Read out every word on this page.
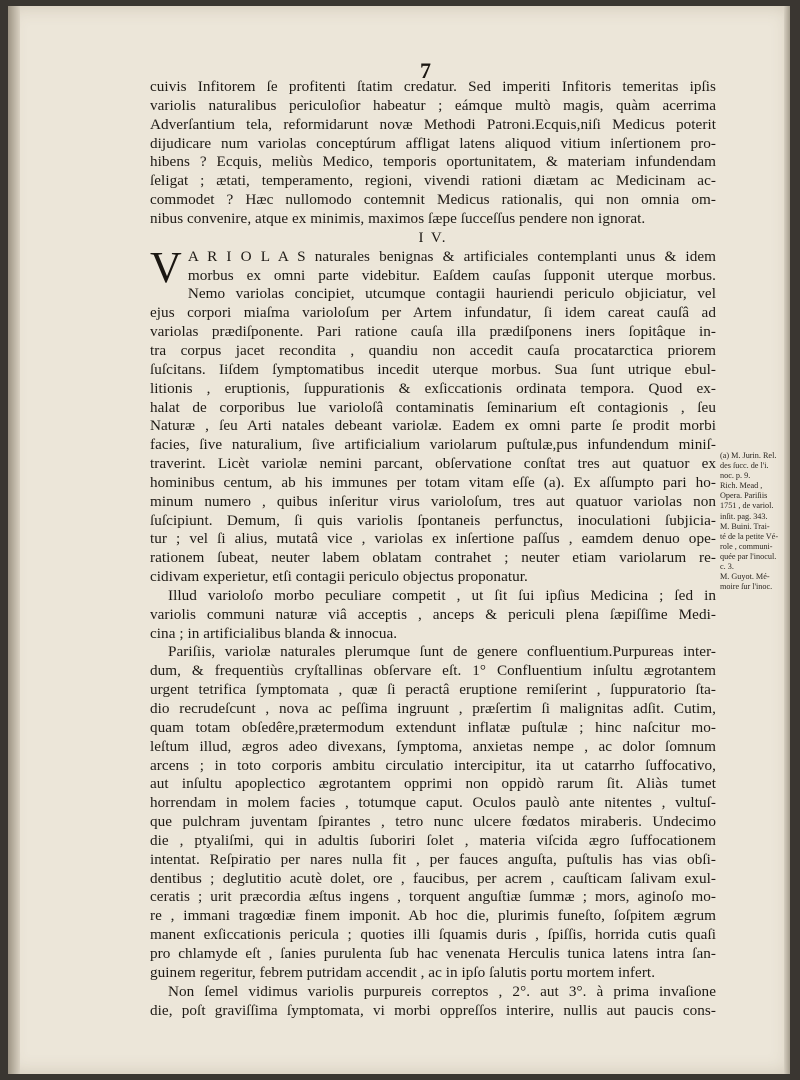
7

cuivis Infitorem ſe profitenti ſtatim credatur. Sed imperiti Infitoris temeritas ipſis
variolis naturalibus periculoſior habeatur ; eámque multò magis, quàm acerrima
Adverſantium tela, reformidarunt novæ Methodi Patroni.Ecquis,niſi Medicus poterit
dijudicare num variolas conceptúrum affligat latens aliquod vitium inſertionem pro-
hibens ? Ecquis, meliùs Medico, temporis oportunitatem, & materiam infundendam
ſeligat ; ætati, temperamento, regioni, vivendi rationi diætam ac Medicinam ac-
commodet ? Hæc nullomodo contemnit Medicus rationalis, qui non omnia om-
nibus convenire, atque ex minimis, maximos ſæpe ſucceſſus pendere non ignorat.

I V.

V A R I O L A S naturales benignas & artificiales contemplanti unus & idem
morbus ex omni parte videbitur. Eaſdem cauſas ſupponit uterque morbus.
Nemo variolas concipiet, utcumque contagii hauriendi periculo objiciatur, vel
ejus corpori miaſma varioloſum per Artem infundatur, ſi idem careat cauſâ ad
variolas prædiſponente. Pari ratione cauſa illa prædiſponens iners ſopitâque in-
tra corpus jacet recondita , quandiu non accedit cauſa procatarctica priorem
ſuſcitans. Iiſdem ſymptomatibus incedit uterque morbus. Sua ſunt utrique ebul-
litionis , eruptionis, ſuppurationis & exſiccationis ordinata tempora. Quod ex-
halat de corporibus lue varioloſâ contaminatis ſeminarium eſt contagionis , ſeu
Naturæ , ſeu Arti natales debeant variolæ. Eadem ex omni parte ſe prodit morbi
facies, ſive naturalium, ſive artificialium variolarum puſtulæ,pus infundendum miniſ-
traverint. Licèt variolæ nemini parcant, obſervatione conſtat tres aut quatuor ex
hominibus centum, ab his immunes per totam vitam eſſe (a). Ex aſſumpto pari ho-
minum numero , quibus inſeritur virus varioloſum, tres aut quatuor variolas non
ſuſcipiunt. Demum, ſi quis variolis ſpontaneis perfunctus, inoculationi ſubjicia-
tur ; vel ſi alius, mutatâ vice , variolas ex inſertione paſſus , eamdem denuo ope-
rationem ſubeat, neuter labem oblatam contrahet ; neuter etiam variolarum re-
cidivam experietur, etſi contagii periculo objectus proponatur.

Illud varioloſo morbo peculiare competit , ut ſit ſui ipſius Medicina ; ſed in
variolis communi naturæ viâ acceptis , anceps & periculi plena ſæpiſſime Medi-
cina ; in artificialibus blanda & innocua.

Pariſiis, variolæ naturales plerumque ſunt de genere confluentium.Purpureas inter-
dum, & frequentiùs cryſtallinas obſervare eſt. 1° Confluentium inſultu ægrotantem
urgent tetrifica ſymptomata , quæ ſi peractâ eruptione remiſerint , ſuppuratorio ſta-
dio recrudeſcunt , nova ac peſſima ingruunt , præſertim ſi malignitas adſit. Cutim,
quam totam obſedêre,prætermodum extendunt inflatæ puſtulæ ; hinc naſcitur mo-
leſtum illud, ægros adeo divexans, ſymptoma, anxietas nempe , ac dolor ſomnum
arcens ; in toto corporis ambitu circulatio intercipitur, ita ut catarrho ſuffocativo,
aut inſultu apoplectico ægrotantem opprimi non oppidò rarum ſit. Aliàs tumet
horrendam in molem facies , totumque caput. Oculos paulò ante nitentes , vultuſ-
que pulchram juventam ſpirantes , tetro nunc ulcere fœdatos miraberis. Undecimo
die , ptyaliſmi, qui in adultis ſuboriri ſolet , materia viſcida ægro ſuffocationem
intentat. Reſpiratio per nares nulla fit , per fauces anguſta, puſtulis has vias obſi-
dentibus ; deglutitio acutè dolet, ore , faucibus, per acrem , cauſticam ſalivam exul-
ceratis ; urit præcordia æſtus ingens , torquent anguſtiæ ſummæ ; mors, aginoſo mo-
re , immani tragœdiæ finem imponit. Ab hoc die, plurimis funeſto, ſoſpitem ægrum
manent exſiccationis pericula ; quoties illi ſquamis duris , ſpiſſis, horrida cutis quaſi
pro chlamyde eſt , ſanies purulenta ſub hac venenata Herculis tunica latens intra ſan-
guinem regeritur, febrem putridam accendit , ac in ipſo ſalutis portu mortem infert.

Non ſemel vidimus variolis purpureis correptos , 2°. aut 3°. à prima invaſione
die, poſt graviſſima ſymptomata, vi morbi oppreſſos interire, nullis aut paucis cons-

(a) M. Jurin. Rel.
des ſucc. de l'i.
noc. p. 9.
Rich. Mead ,
Opera. Pariſiis
1751 , de variol.
inſit. pag. 343.
M. Buini. Trai-
té de la petite Vé-
role , communi-
quée par l'inocul.
c. 3.
M. Guyot. Mé-
moire ſur l'inoc.
